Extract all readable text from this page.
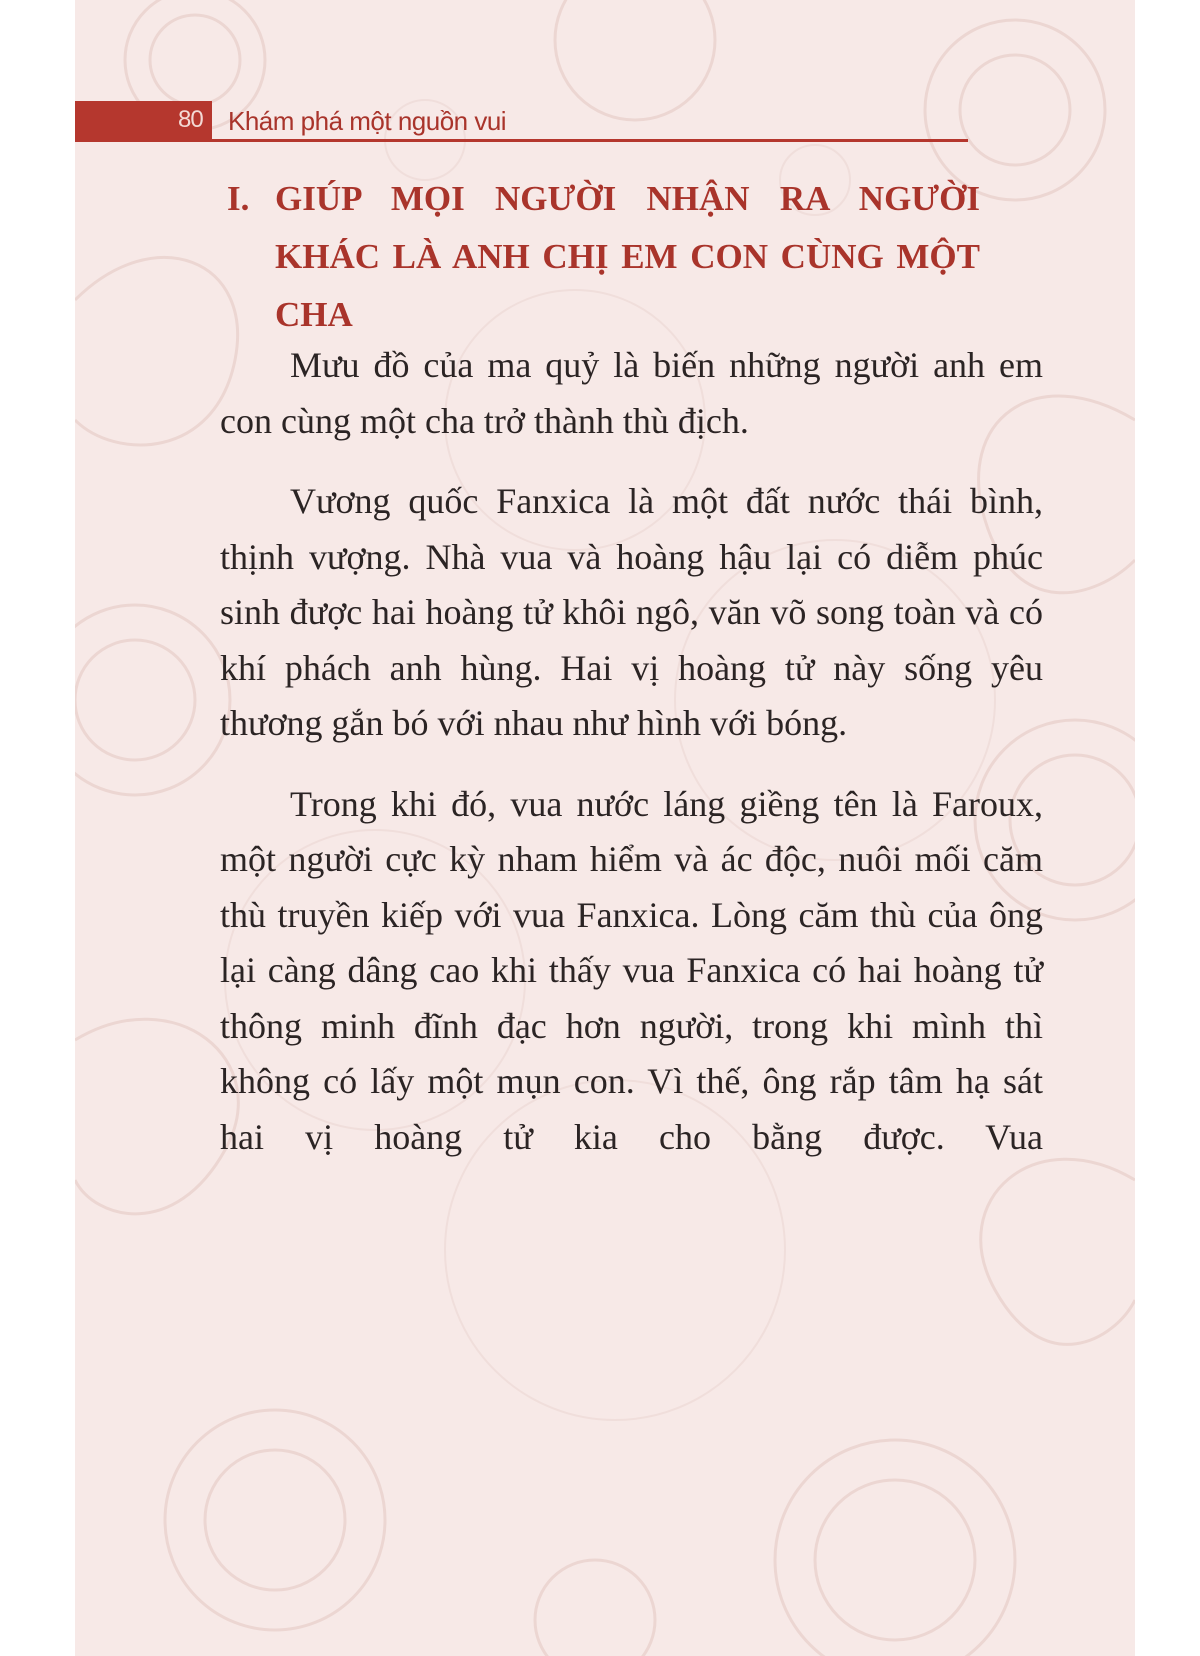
80 Khám phá một nguồn vui
I. GIÚP MỌI NGƯỜI NHẬN RA NGƯỜI KHÁC LÀ ANH CHỊ EM CON CÙNG MỘT CHA

Mưu đồ của ma quỷ là biến những người anh em con cùng một cha trở thành thù địch.

Vương quốc Fanxica là một đất nước thái bình, thịnh vượng. Nhà vua và hoàng hậu lại có diễm phúc sinh được hai hoàng tử khôi ngô, văn võ song toàn và có khí phách anh hùng. Hai vị hoàng tử này sống yêu thương gắn bó với nhau như hình với bóng.

Trong khi đó, vua nước láng giềng tên là Faroux, một người cực kỳ nham hiểm và ác độc, nuôi mối căm thù truyền kiếp với vua Fanxica. Lòng căm thù của ông lại càng dâng cao khi thấy vua Fanxica có hai hoàng tử thông minh đĩnh đạc hơn người, trong khi mình thì không có lấy một mụn con. Vì thế, ông rắp tâm hạ sát hai vị hoàng tử kia cho bằng được. Vua
